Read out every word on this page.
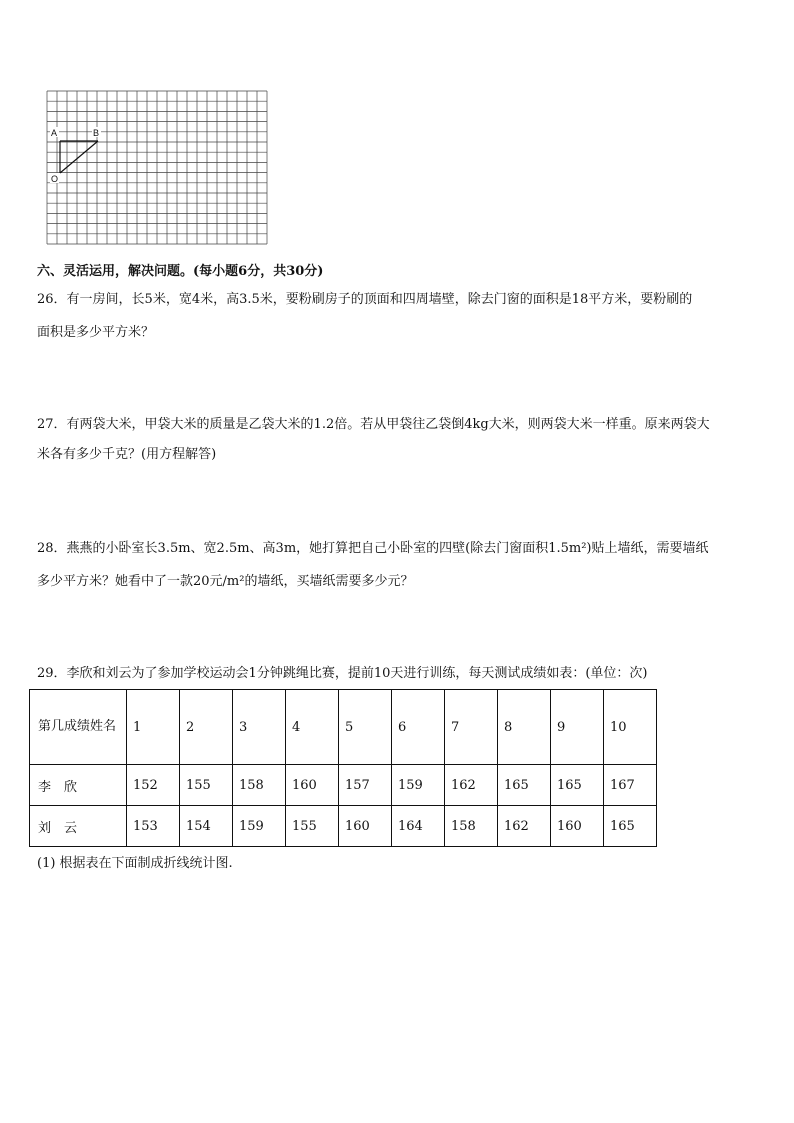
A	B
O
六、灵活运用，解决问题。(每小题6分，共30分)
26．有一房间，长5米，宽4米，高3.5米，要粉刷房子的顶面和四周墙壁，除去门窗的面积是18平方米，要粉刷的
面积是多少平方米？
27．有两袋大米，甲袋大米的质量是乙袋大米的1.2倍。若从甲袋往乙袋倒4kg大米，则两袋大米一样重。原来两袋大
米各有多少千克？(用方程解答)
28．燕燕的小卧室长3.5m、宽2.5m、高3m，她打算把自己小卧室的四壁(除去门窗面积1.5m²)贴上墙纸，需要墙纸
多少平方米？她看中了一款20元/m²的墙纸，买墙纸需要多少元？
29．李欣和刘云为了参加学校运动会1分钟跳绳比赛，提前10天进行训练，每天测试成绩如表：(单位：次)
第几成绩姓名	1	2	3	4	5	6	7	8	9	10
李　欣	152	155	158	160	157	159	162	165	165	167
刘　云	153	154	159	155	160	164	158	162	160	165
(1) 根据表在下面制成折线统计图.
